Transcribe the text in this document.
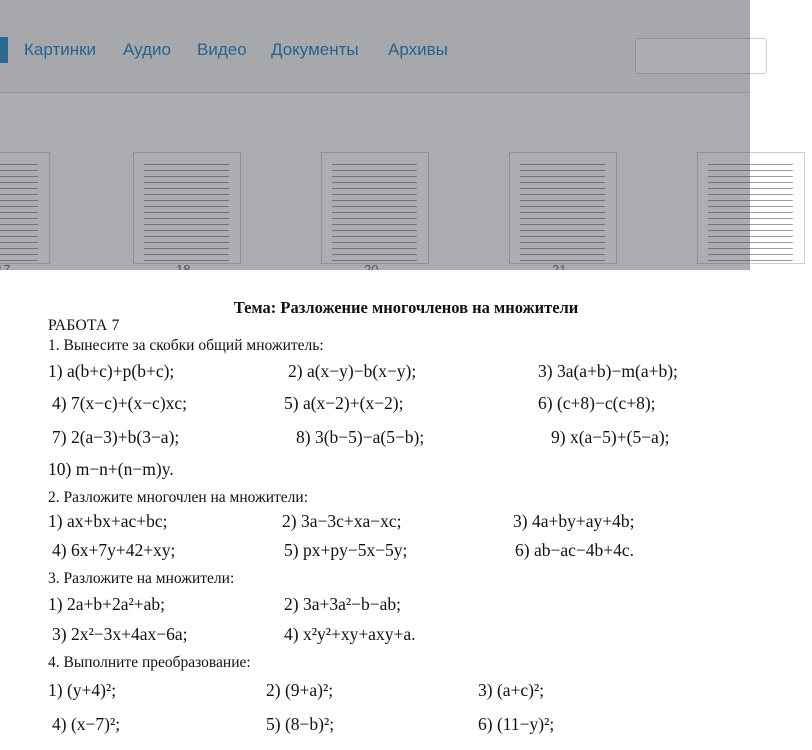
Картинки Аудио Видео Документы Архивы
Тема: Разложение многочленов на множители
РАБОТА 7
1. Вынесите за скобки общий множитель:
1) a(b+c)+p(b+c);	2) a(x−y)−b(x−y);	3) 3a(a+b)−m(a+b);
4) 7(x−c)+(x−c)xc;	5) a(x−2)+(x−2);	6) (c+8)−c(c+8);
7) 2(a−3)+b(3−a);	8) 3(b−5)−a(5−b);	9) x(a−5)+(5−a);
10) m−n+(n−m)y.
2. Разложите многочлен на множители:
1) ax+bx+ac+bc;	2) 3a−3c+xa−xc;	3) 4a+by+ay+4b;
4) 6x+7y+42+xy;	5) px+py−5x−5y;	6) ab−ac−4b+4c.
3. Разложите на множители:
1) 2a+b+2a²+ab;	2) 3a+3a²−b−ab;
3) 2x²−3x+4ax−6a;	4) x²y²+xy+axy+a.
4. Выполните преобразование:
1) (y+4)²;	2) (9+a)²;	3) (a+c)²;
4) (x−7)²;	5) (8−b)²;	6) (11−y)²;
